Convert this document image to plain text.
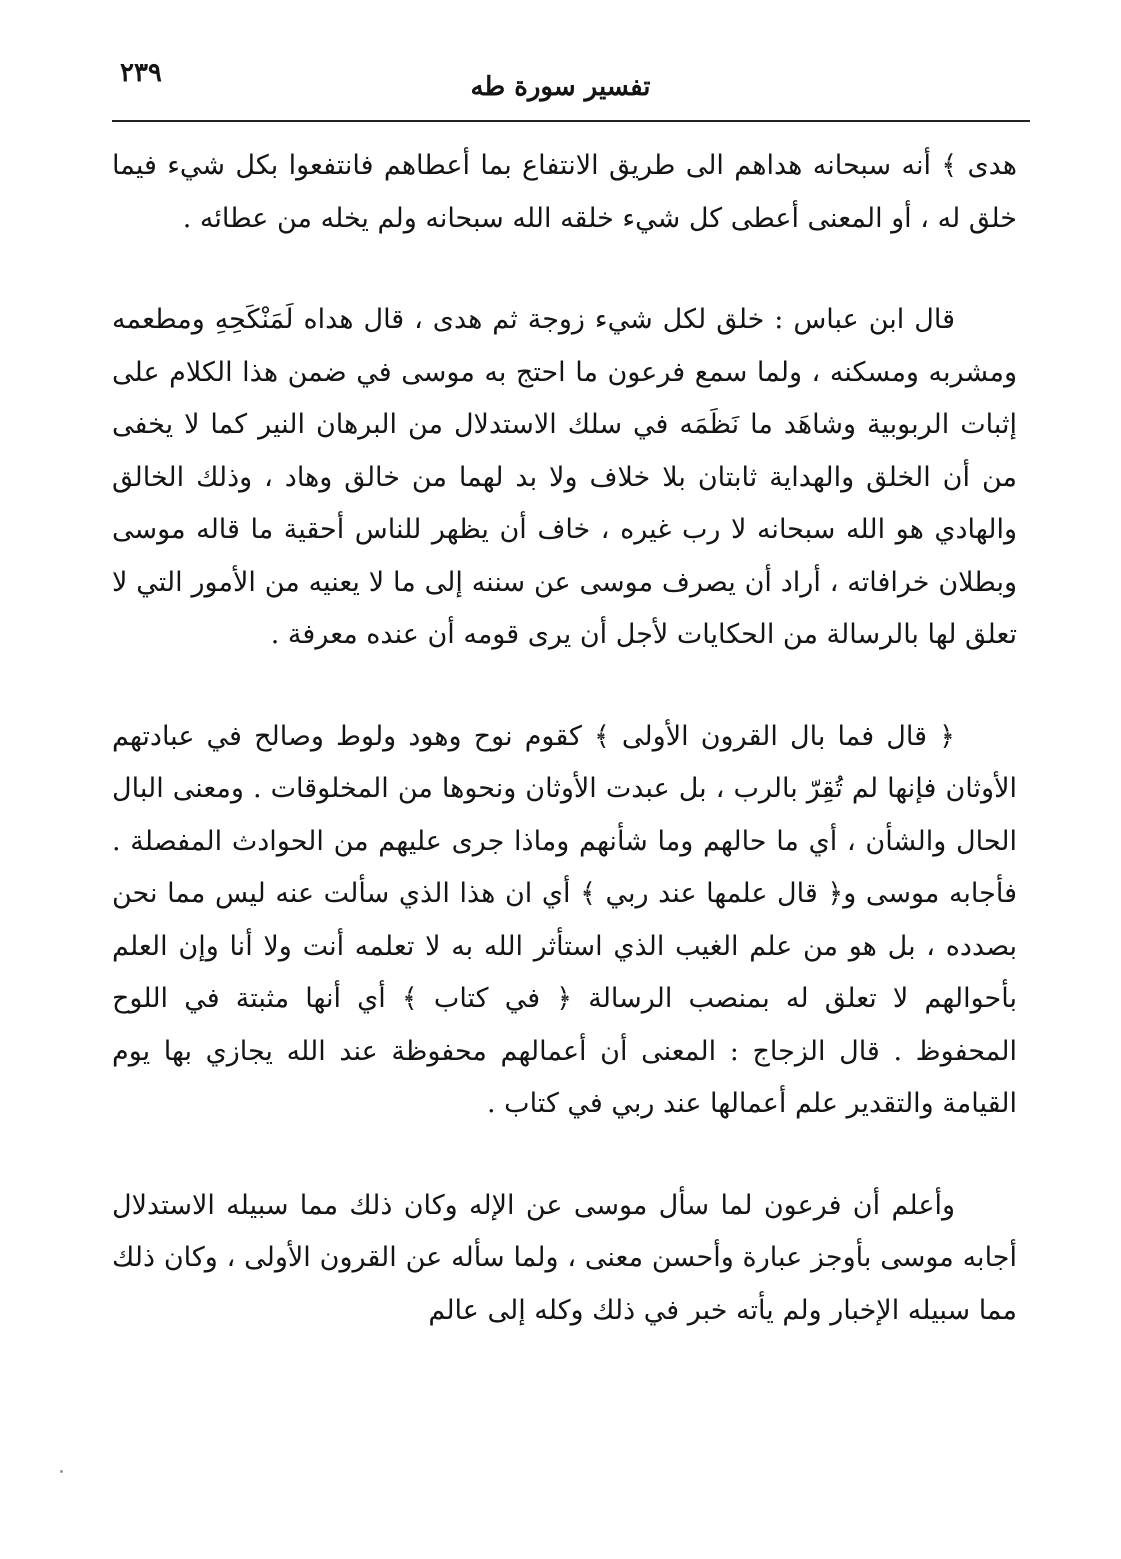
٢٣٩	تفسير سورة طه

هدى ﴾ أنه سبحانه هداهم الى طريق الانتفاع بما أعطاهم فانتفعوا بكل شيء فيما خلق له ، أو المعنى أعطى كل شيء خلقه الله سبحانه ولم يخله من عطائه .

قال ابن عباس : خلق لكل شيء زوجة ثم هدى ، قال هداه لَمَنْكَحِهِ ومطعمه ومشربه ومسكنه ، ولما سمع فرعون ما احتج به موسى في ضمن هذا الكلام على إثبات الربوبية وشاهَد ما نَظَمَه في سلك الاستدلال من البرهان النير كما لا يخفى من أن الخلق والهداية ثابتان بلا خلاف ولا بد لهما من خالق وهاد ، وذلك الخالق والهادي هو الله سبحانه لا رب غيره ، خاف أن يظهر للناس أحقية ما قاله موسى وبطلان خرافاته ، أراد أن يصرف موسى عن سننه إلى ما لا يعنيه من الأمور التي لا تعلق لها بالرسالة من الحكايات لأجل أن يرى قومه أن عنده معرفة .

﴿ قال فما بال القرون الأولى ﴾ كقوم نوح وهود ولوط وصالح في عبادتهم الأوثان فإنها لم تُقِرّ بالرب ، بل عبدت الأوثان ونحوها من المخلوقات . ومعنى البال الحال والشأن ، أي ما حالهم وما شأنهم وماذا جرى عليهم من الحوادث المفصلة . فأجابه موسى و﴿ قال علمها عند ربي ﴾ أي ان هذا الذي سألت عنه ليس مما نحن بصدده ، بل هو من علم الغيب الذي استأثر الله به لا تعلمه أنت ولا أنا وإن العلم بأحوالهم لا تعلق له بمنصب الرسالة ﴿ في كتاب ﴾ أي أنها مثبتة في اللوح المحفوظ . قال الزجاج : المعنى أن أعمالهم محفوظة عند الله يجازي بها يوم القيامة والتقدير علم أعمالها عند ربي في كتاب .

وأعلم أن فرعون لما سأل موسى عن الإله وكان ذلك مما سبيله الاستدلال أجابه موسى بأوجز عبارة وأحسن معنى ، ولما سأله عن القرون الأولى ، وكان ذلك مما سبيله الإخبار ولم يأته خبر في ذلك وكله إلى عالم
